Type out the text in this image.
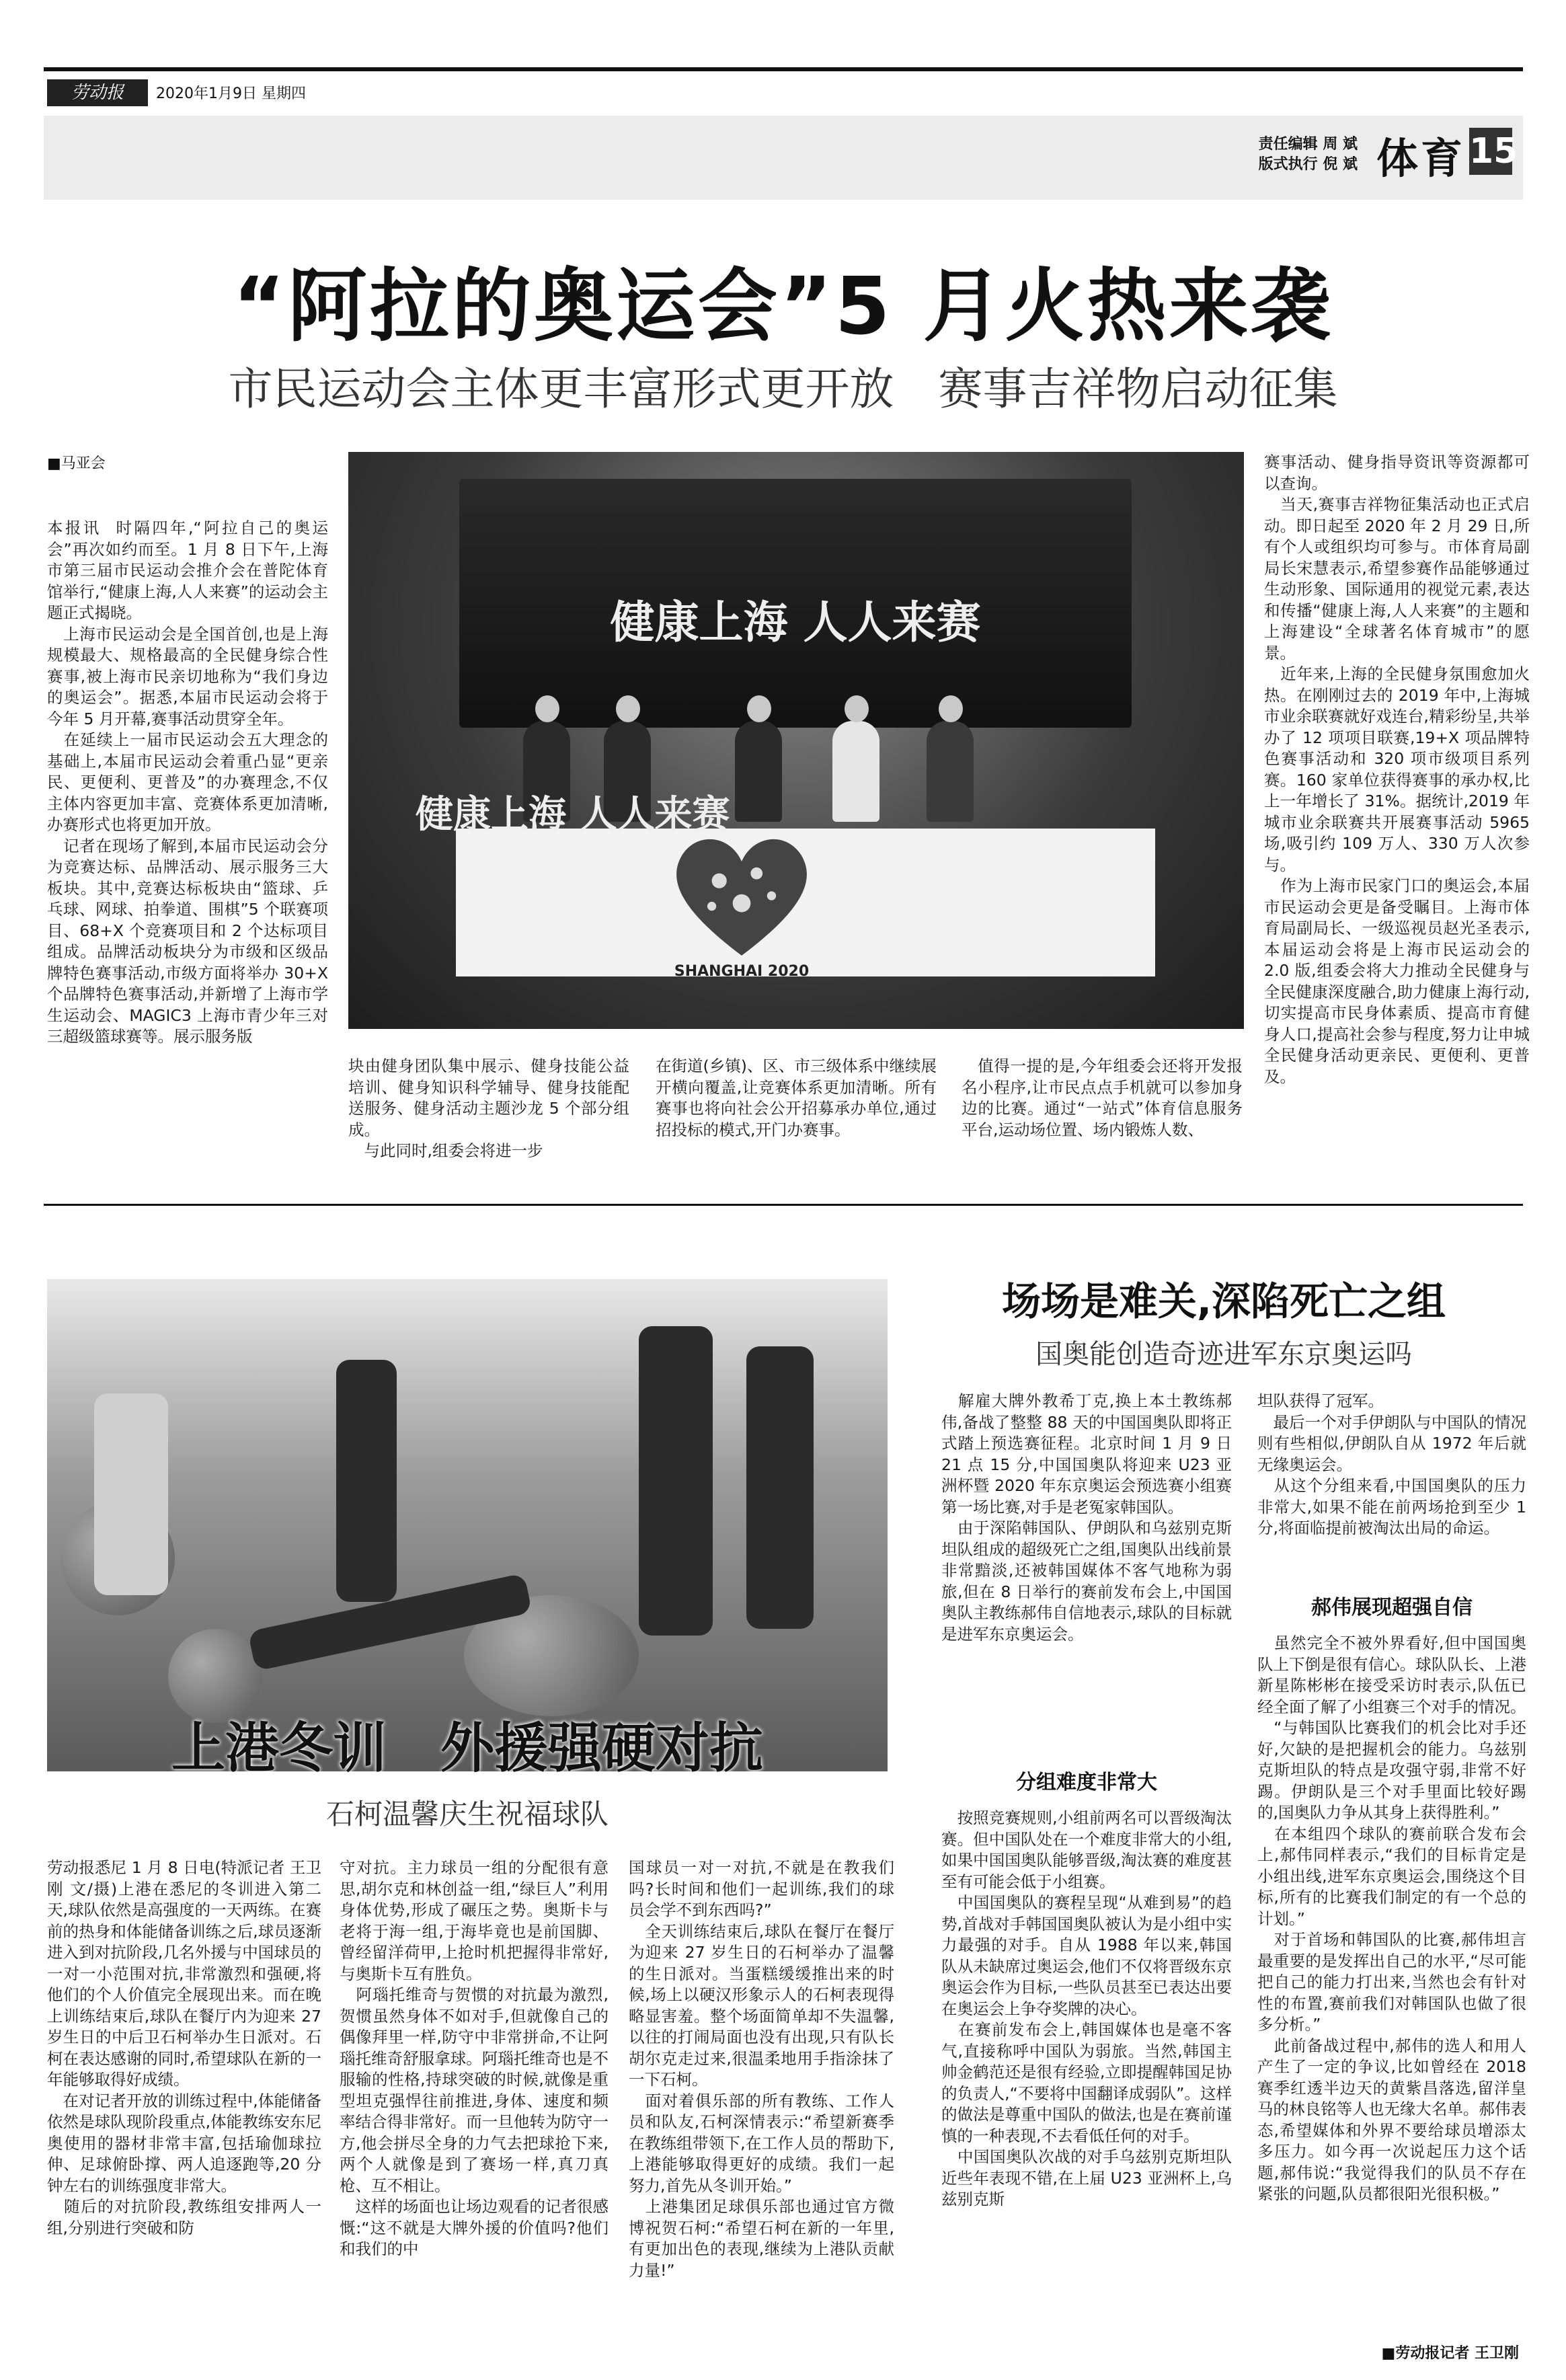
劳动报	2020年1月9日 星期四
责任编辑 周 斌
版式执行 倪 斌 体育 15
“阿拉的奥运会”5 月火热来袭
市民运动会主体更丰富形式更开放　赛事吉祥物启动征集
■马亚会
本报讯  时隔四年,“阿拉自己的奥运会”再次如约而至。1 月 8 日下午,上海市第三届市民运动会推介会在普陀体育馆举行,“健康上海,人人来赛”的运动会主题正式揭晓。
　上海市民运动会是全国首创,也是上海规模最大、规格最高的全民健身综合性赛事,被上海市民亲切地称为“我们身边的奥运会”。据悉,本届市民运动会将于今年 5 月开幕,赛事活动贯穿全年。
　在延续上一届市民运动会五大理念的基础上,本届市民运动会着重凸显“更亲民、更便利、更普及”的办赛理念,不仅主体内容更加丰富、竞赛体系更加清晰,办赛形式也将更加开放。
　记者在现场了解到,本届市民运动会分为竞赛达标、品牌活动、展示服务三大板块。其中,竞赛达标板块由“篮球、乒乓球、网球、拍拳道、围棋”5 个联赛项目、68+X 个竞赛项目和 2 个达标项目组成。品牌活动板块分为市级和区级品牌特色赛事活动,市级方面将举办 30+X 个品牌特色赛事活动,并新增了上海市学生运动会、MAGIC3 上海市青少年三对三超级篮球赛等。展示服务版
健康上海 人人来赛
健康上海 人人来赛
SHANGHAI 2020
块由健身团队集中展示、健身技能公益培训、健身知识科学辅导、健身技能配送服务、健身活动主题沙龙 5 个部分组成。
　与此同时,组委会将进一步
在街道(乡镇)、区、市三级体系中继续展开横向覆盖,让竞赛体系更加清晰。所有赛事也将向社会公开招募承办单位,通过招投标的模式,开门办赛事。
　值得一提的是,今年组委会还将开发报名小程序,让市民点点手机就可以参加身边的比赛。通过“一站式”体育信息服务平台,运动场位置、场内锻炼人数、
赛事活动、健身指导资讯等资源都可以查询。
　当天,赛事吉祥物征集活动也正式启动。即日起至 2020 年 2 月 29 日,所有个人或组织均可参与。市体育局副局长宋慧表示,希望参赛作品能够通过生动形象、国际通用的视觉元素,表达和传播“健康上海,人人来赛”的主题和上海建设“全球著名体育城市”的愿景。
　近年来,上海的全民健身氛围愈加火热。在刚刚过去的 2019 年中,上海城市业余联赛就好戏连台,精彩纷呈,共举办了 12 项项目联赛,19+X 项品牌特色赛事活动和 320 项市级项目系列赛。160 家单位获得赛事的承办权,比上一年增长了 31%。据统计,2019 年城市业余联赛共开展赛事活动 5965 场,吸引约 109 万人、330 万人次参与。
　作为上海市民家门口的奥运会,本届市民运动会更是备受瞩目。上海市体育局副局长、一级巡视员赵光圣表示,本届运动会将是上海市民运动会的 2.0 版,组委会将大力推动全民健身与全民健康深度融合,助力健康上海行动,切实提高市民身体素质、提高市育健身人口,提高社会参与程度,努力让申城全民健身活动更亲民、更便利、更普及。
上港冬训　外援强硬对抗
石柯温馨庆生祝福球队
劳动报悉尼 1 月 8 日电(特派记者 王卫刚 文/摄)上港在悉尼的冬训进入第二天,球队依然是高强度的一天两练。在赛前的热身和体能储备训练之后,球员逐渐进入到对抗阶段,几名外援与中国球员的一对一小范围对抗,非常激烈和强硬,将他们的个人价值完全展现出来。而在晚上训练结束后,球队在餐厅内为迎来 27 岁生日的中后卫石柯举办生日派对。石柯在表达感谢的同时,希望球队在新的一年能够取得好成绩。
　在对记者开放的训练过程中,体能储备依然是球队现阶段重点,体能教练安东尼奥使用的器材非常丰富,包括瑜伽球拉伸、足球俯卧撑、两人追逐跑等,20 分钟左右的训练强度非常大。
　随后的对抗阶段,教练组安排两人一组,分别进行突破和防
守对抗。主力球员一组的分配很有意思,胡尔克和林创益一组,“绿巨人”利用身体优势,形成了碾压之势。奥斯卡与老将于海一组,于海毕竟也是前国脚、曾经留洋荷甲,上抢时机把握得非常好,与奥斯卡互有胜负。
　阿瑙托维奇与贺惯的对抗最为激烈,贺惯虽然身体不如对手,但就像自己的偶像拜里一样,防守中非常拼命,不让阿瑙托维奇舒服拿球。阿瑙托维奇也是不服输的性格,持球突破的时候,就像是重型坦克强悍往前推进,身体、速度和频率结合得非常好。而一旦他转为防守一方,他会拼尽全身的力气去把球抢下来,两个人就像是到了赛场一样,真刀真枪、互不相让。
　这样的场面也让场边观看的记者很感慨:“这不就是大牌外援的价值吗?他们和我们的中
国球员一对一对抗,不就是在教我们吗?长时间和他们一起训练,我们的球员会学不到东西吗?”
　全天训练结束后,球队在餐厅在餐厅为迎来 27 岁生日的石柯举办了温馨的生日派对。当蛋糕缓缓推出来的时候,场上以硬汉形象示人的石柯表现得略显害羞。整个场面简单却不失温馨,以往的打闹局面也没有出现,只有队长胡尔克走过来,很温柔地用手指涂抹了一下石柯。
　面对着俱乐部的所有教练、工作人员和队友,石柯深情表示:“希望新赛季在教练组带领下,在工作人员的帮助下,上港能够取得更好的成绩。我们一起努力,首先从冬训开始。”
　上港集团足球俱乐部也通过官方微博祝贺石柯:“希望石柯在新的一年里,有更加出色的表现,继续为上港队贡献力量!”
场场是难关,深陷死亡之组
国奥能创造奇迹进军东京奥运吗
　解雇大牌外教希丁克,换上本土教练郝伟,备战了整整 88 天的中国国奥队即将正式踏上预选赛征程。北京时间 1 月 9 日 21 点 15 分,中国国奥队将迎来 U23 亚洲杯暨 2020 年东京奥运会预选赛小组赛第一场比赛,对手是老冤家韩国队。
　由于深陷韩国队、伊朗队和乌兹别克斯坦队组成的超级死亡之组,国奥队出线前景非常黯淡,还被韩国媒体不客气地称为弱旅,但在 8 日举行的赛前发布会上,中国国奥队主教练郝伟自信地表示,球队的目标就是进军东京奥运会。
分组难度非常大
　按照竞赛规则,小组前两名可以晋级淘汰赛。但中国队处在一个难度非常大的小组,如果中国国奥队能够晋级,淘汰赛的难度甚至有可能会低于小组赛。
　中国国奥队的赛程呈现“从难到易”的趋势,首战对手韩国国奥队被认为是小组中实力最强的对手。自从 1988 年以来,韩国队从未缺席过奥运会,他们不仅将晋级东京奥运会作为目标,一些队员甚至已表达出要在奥运会上争夺奖牌的决心。
　在赛前发布会上,韩国媒体也是毫不客气,直接称呼中国队为弱旅。当然,韩国主帅金鹤范还是很有经验,立即提醒韩国足协的负责人,“不要将中国翻译成弱队”。这样的做法是尊重中国队的做法,也是在赛前谨慎的一种表现,不去看低任何的对手。
　中国国奥队次战的对手乌兹别克斯坦队近些年表现不错,在上届 U23 亚洲杯上,乌兹别克斯
坦队获得了冠军。
　最后一个对手伊朗队与中国队的情况则有些相似,伊朗队自从 1972 年后就无缘奥运会。
　从这个分组来看,中国国奥队的压力非常大,如果不能在前两场抢到至少 1 分,将面临提前被淘汰出局的命运。
郝伟展现超强自信
　虽然完全不被外界看好,但中国国奥队上下倒是很有信心。球队队长、上港新星陈彬彬在接受采访时表示,队伍已经全面了解了小组赛三个对手的情况。
　“与韩国队比赛我们的机会比对手还好,欠缺的是把握机会的能力。乌兹别克斯坦队的特点是攻强守弱,非常不好踢。伊朗队是三个对手里面比较好踢的,国奥队力争从其身上获得胜利。”
　在本组四个球队的赛前联合发布会上,郝伟同样表示,“我们的目标肯定是小组出线,进军东京奥运会,围绕这个目标,所有的比赛我们制定的有一个总的计划。”
　对于首场和韩国队的比赛,郝伟坦言最重要的是发挥出自己的水平,“尽可能把自己的能力打出来,当然也会有针对性的布置,赛前我们对韩国队也做了很多分析。”
　此前备战过程中,郝伟的选人和用人产生了一定的争议,比如曾经在 2018 赛季红透半边天的黄紫昌落选,留洋皇马的林良铭等人也无缘大名单。郝伟表态,希望媒体和外界不要给球员增添太多压力。如今再一次说起压力这个话题,郝伟说:“我觉得我们的队员不存在紧张的问题,队员都很阳光很积极。”
■劳动报记者 王卫刚
